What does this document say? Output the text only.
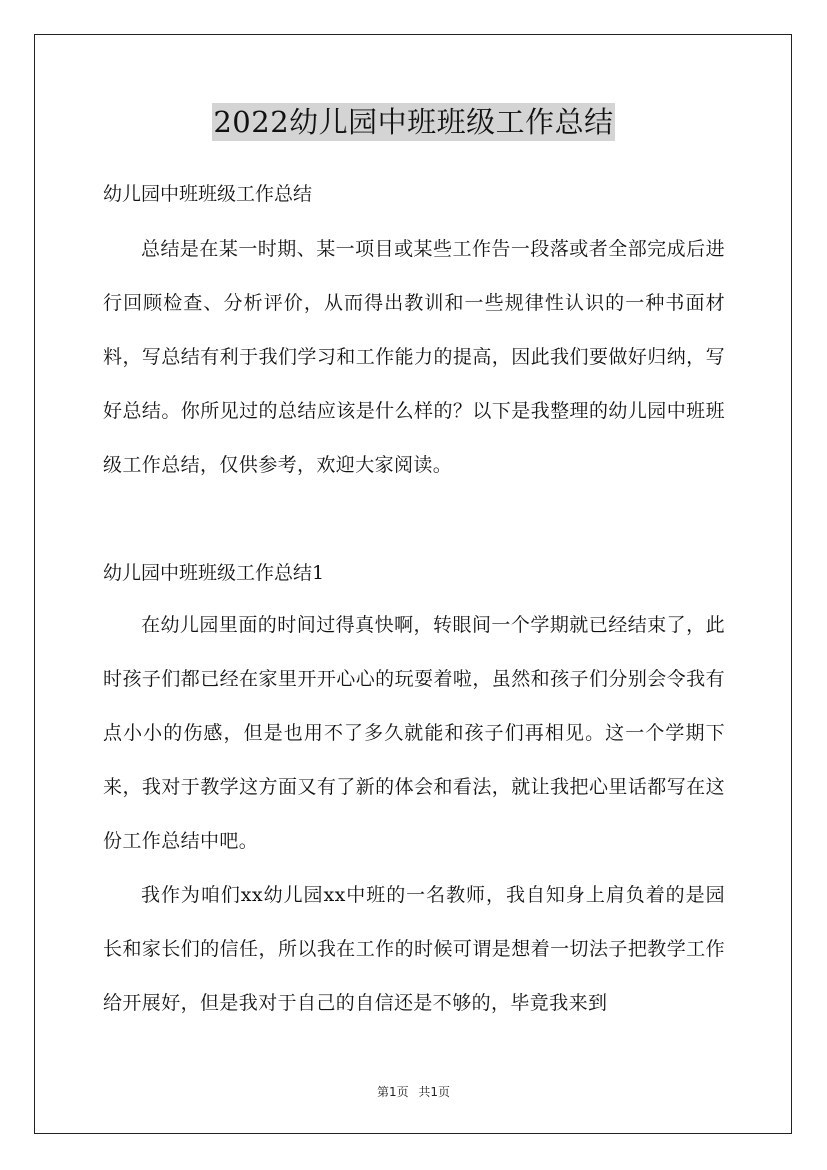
2022幼儿园中班班级工作总结
幼儿园中班班级工作总结

总结是在某一时期、某一项目或某些工作告一段落或者全部完成后进行回顾检查、分析评价，从而得出教训和一些规律性认识的一种书面材料，写总结有利于我们学习和工作能力的提高，因此我们要做好归纳，写好总结。你所见过的总结应该是什么样的？以下是我整理的幼儿园中班班级工作总结，仅供参考，欢迎大家阅读。

幼儿园中班班级工作总结1

在幼儿园里面的时间过得真快啊，转眼间一个学期就已经结束了，此时孩子们都已经在家里开开心心的玩耍着啦，虽然和孩子们分别会令我有点小小的伤感，但是也用不了多久就能和孩子们再相见。这一个学期下来，我对于教学这方面又有了新的体会和看法，就让我把心里话都写在这份工作总结中吧。

我作为咱们xx幼儿园xx中班的一名教师，我自知身上肩负着的是园长和家长们的信任，所以我在工作的时候可谓是想着一切法子把教学工作给开展好，但是我对于自己的自信还是不够的，毕竟我来到

第1页 共1页
